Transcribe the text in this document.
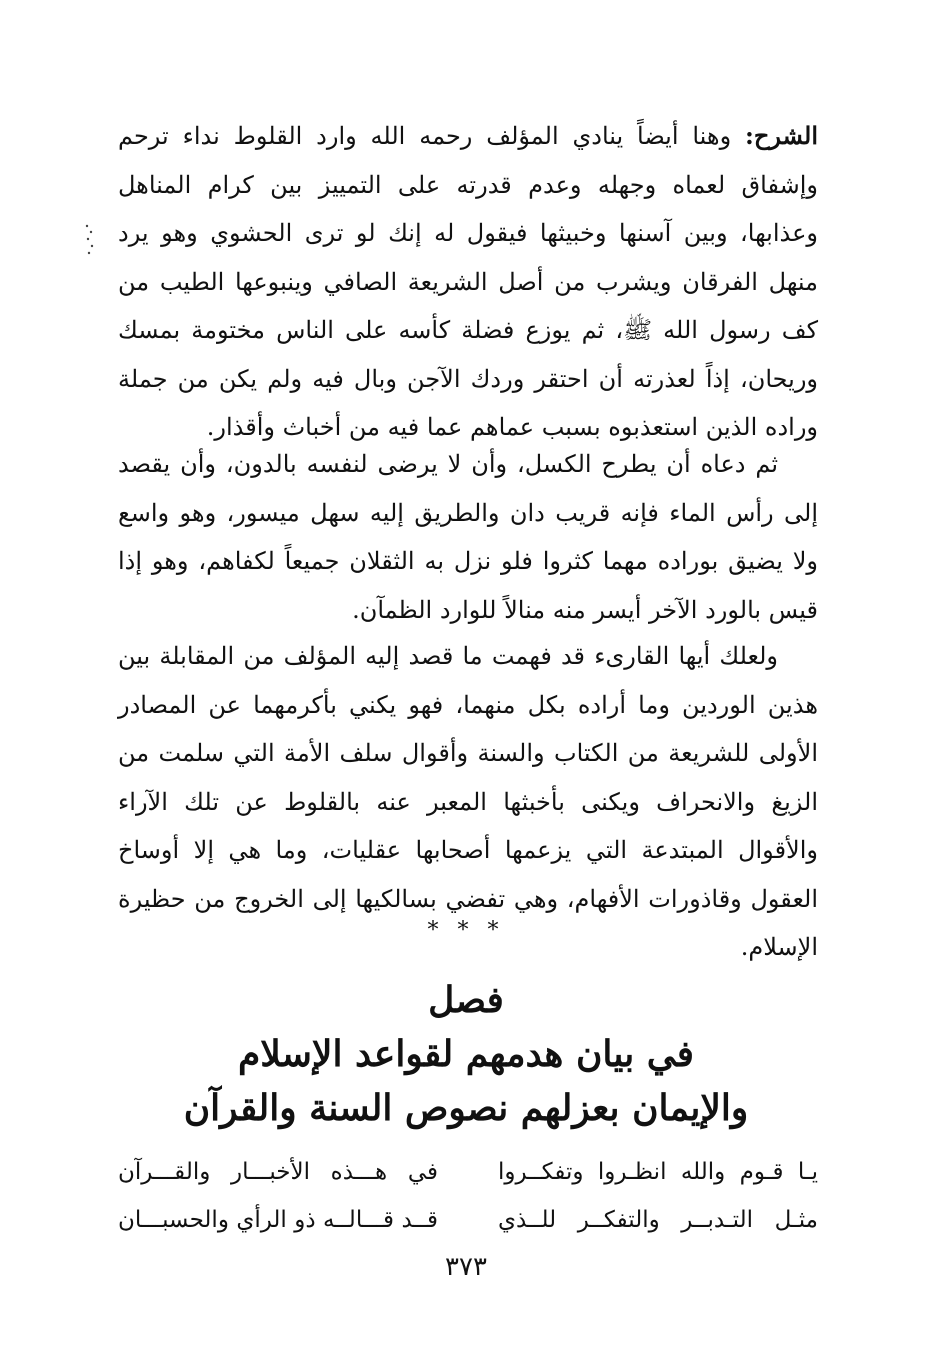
الشرح: وهنا أيضاً ينادي المؤلف رحمه الله وارد القلوط نداء ترحم وإشفاق لعماه وجهله وعدم قدرته على التمييز بين كرام المناهل وعذابها، وبين آسنها وخبيثها فيقول له إنك لو ترى الحشوي وهو يرد منهل الفرقان ويشرب من أصل الشريعة الصافي وينبوعها الطيب من كف رسول الله ﷺ، ثم يوزع فضلة كأسه على الناس مختومة بمسك وريحان، إذاً لعذرته أن احتقر وردك الآجن وبال فيه ولم يكن من جملة وراده الذين استعذبوه بسبب عماهم عما فيه من أخباث وأقذار.

ثم دعاه أن يطرح الكسل، وأن لا يرضى لنفسه بالدون، وأن يقصد إلى رأس الماء فإنه قريب دان والطريق إليه سهل ميسور، وهو واسع ولا يضيق بوراده مهما كثروا فلو نزل به الثقلان جميعاً لكفاهم، وهو إذا قيس بالورد الآخر أيسر منه منالاً للوارد الظمآن.

ولعلك أيها القارىء قد فهمت ما قصد إليه المؤلف من المقابلة بين هذين الوردين وما أراده بكل منهما، فهو يكني بأكرمهما عن المصادر الأولى للشريعة من الكتاب والسنة وأقوال سلف الأمة التي سلمت من الزيغ والانحراف ويكنى بأخبثها المعبر عنه بالقلوط عن تلك الآراء والأقوال المبتدعة التي يزعمها أصحابها عقليات، وما هي إلا أوساخ العقول وقاذورات الأفهام، وهي تفضي بسالكيها إلى الخروج من حظيرة الإسلام.

* * *
فصل
في بيان هدمهم لقواعد الإسلام
والإيمان بعزلهم نصوص السنة والقرآن
يـا قـوم والله انظـروا وتفكــروا
في هـــذه الأخبـــار والقـــرآن
مثـل التـدبــر والتفكــر للــذي
قــد قـــالــه ذو الرأي والحسبـــان
٣٧٣
